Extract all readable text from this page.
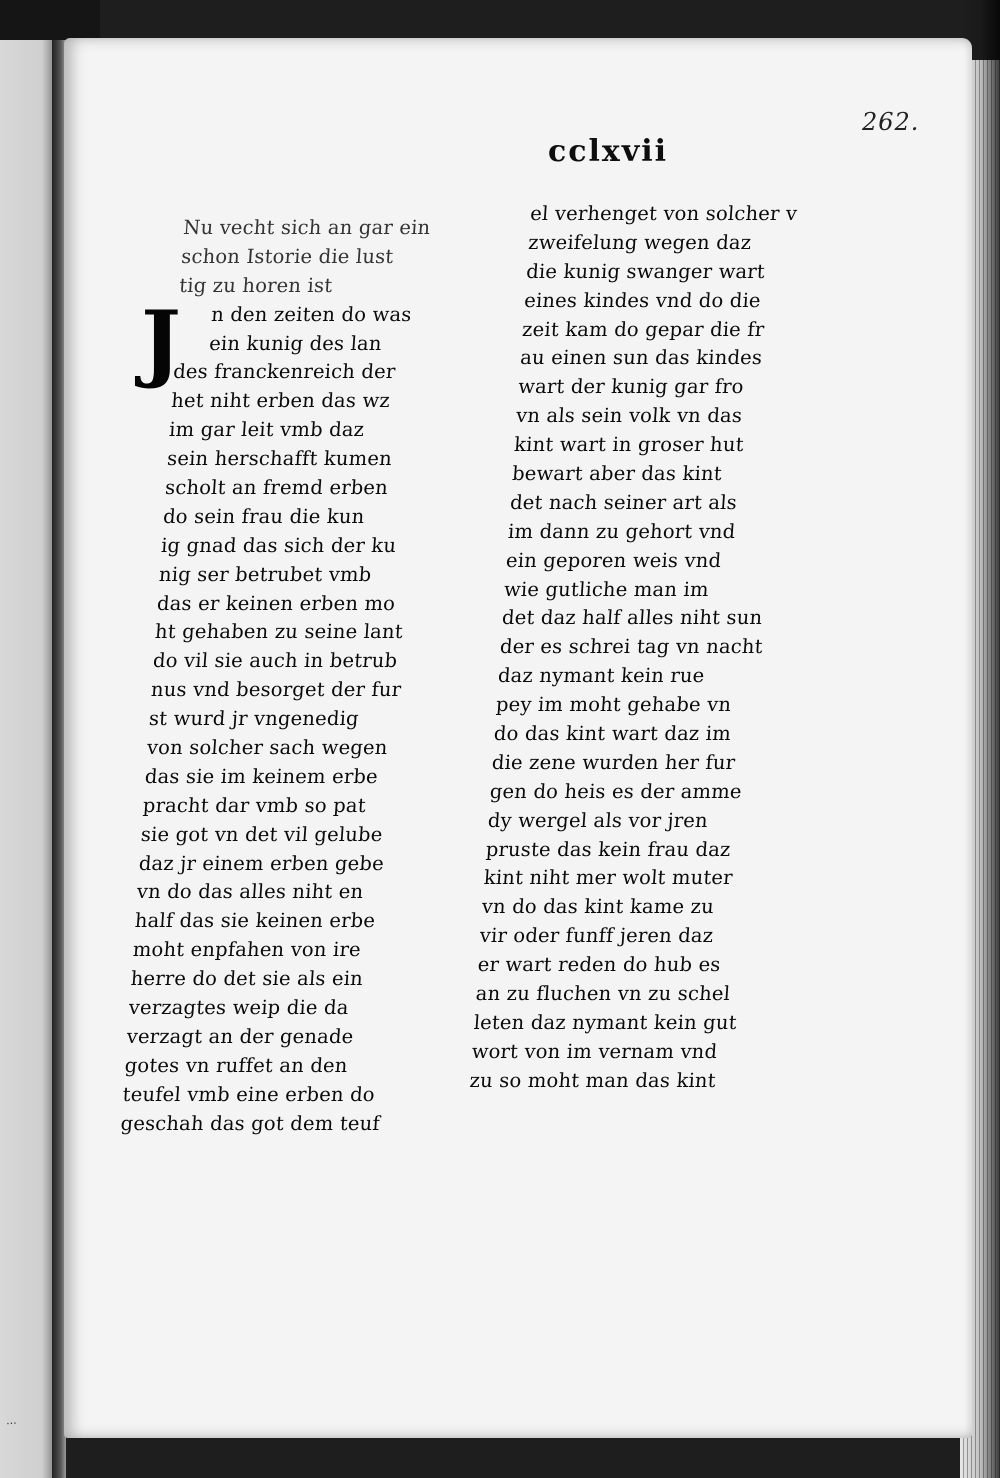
262.
cclxvii
J
Nu vecht sich an gar ein
schon Istorie die lust
tig zu horen ist
n den zeiten do was
ein kunig des lan
des franckenreich der
het niht erben das wz
im gar leit vmb daz
sein herschafft kumen
scholt an fremd erben
do sein frau die kun
ig gnad das sich der ku
nig ser betrubet vmb
das er keinen erben mo
ht gehaben zu seine lant
do vil sie auch in betrub
nus vnd besorget der fur
st wurd jr vngenedig
von solcher sach wegen
das sie im keinem erbe
pracht dar vmb so pat
sie got vn det vil gelube
daz jr einem erben gebe
vn do das alles niht en
half das sie keinen erbe
moht enpfahen von ire
herre do det sie als ein
verzagtes weip die da
verzagt an der genade
gotes vn ruffet an den
teufel vmb eine erben do
geschah das got dem teuf
el verhenget von solcher v
zweifelung wegen daz
die kunig swanger wart
eines kindes vnd do die
zeit kam do gepar die fr
au einen sun das kindes
wart der kunig gar fro
vn als sein volk vn das
kint wart in groser hut
bewart aber das kint
det nach seiner art als
im dann zu gehort vnd
ein geporen weis vnd
wie gutliche man im
det daz half alles niht sun
der es schrei tag vn nacht
daz nymant kein rue
pey im moht gehabe vn
do das kint wart daz im
die zene wurden her fur
gen do heis es der amme
dy wergel als vor jren
pruste das kein frau daz
kint niht mer wolt muter
vn do das kint kame zu
vir oder funff jeren daz
er wart reden do hub es
an zu fluchen vn zu schel
leten daz nymant kein gut
wort von im vernam vnd
zu so moht man das kint
...
